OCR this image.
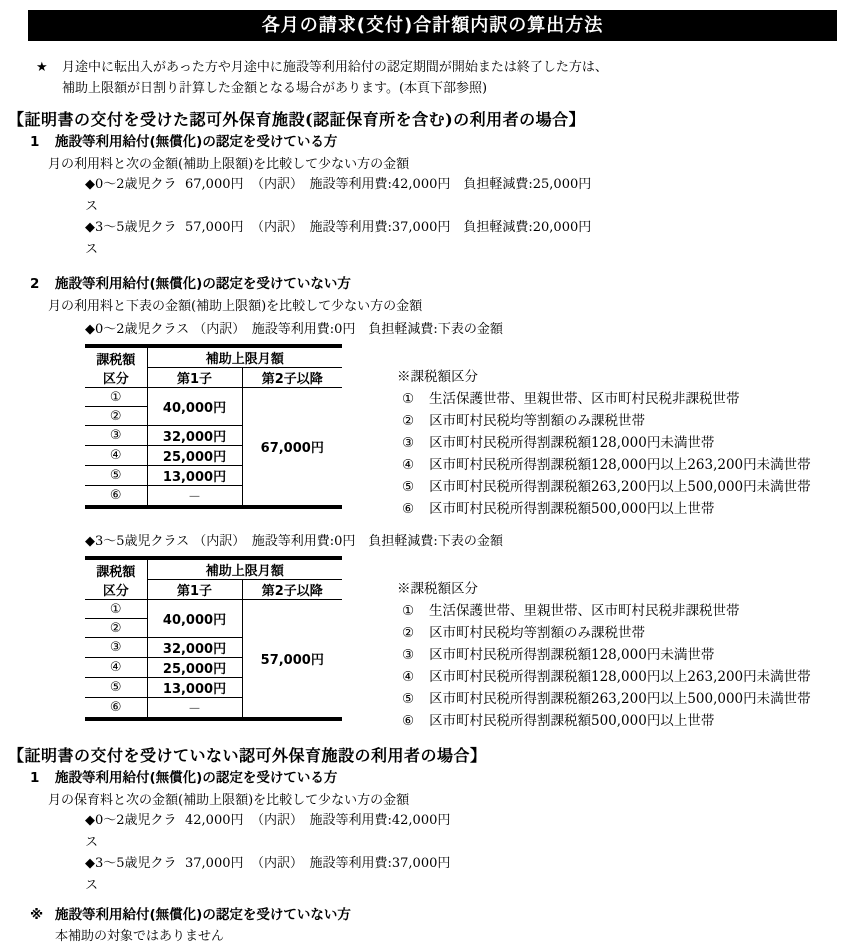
各月の請求(交付)合計額内訳の算出方法
★	月途中に転出入があった方や月途中に施設等利用給付の認定期間が開始または終了した方は、
補助上限額が日割り計算した金額となる場合があります。(本頁下部参照)
【証明書の交付を受けた認可外保育施設(認証保育所を含む)の利用者の場合】
1	施設等利用給付(無償化)の認定を受けている方
月の利用料と次の金額(補助上限額)を比較して少ない方の金額
◆0〜2歳児クラス
67,000円 （内訳）　施設等利用費:42,000円　負担軽減費:25,000円
◆3〜5歳児クラス
57,000円 （内訳）　施設等利用費:37,000円　負担軽減費:20,000円
2	施設等利用給付(無償化)の認定を受けていない方
月の利用料と下表の金額(補助上限額)を比較して少ない方の金額
◆0〜2歳児クラス （内訳）　施設等利用費:0円　負担軽減費:下表の金額
課税額
区分	補助上限月額	
	第1子	第2子以降
①	40,000円	67,000円
②		
③	32,000円	
④	25,000円	
⑤	13,000円	
⑥	－	
※課税額区分
①	生活保護世帯、里親世帯、区市町村民税非課税世帯
②	区市町村民税均等割額のみ課税世帯
③	区市町村民税所得割課税額128,000円未満世帯
④	区市町村民税所得割課税額128,000円以上263,200円未満世帯
⑤	区市町村民税所得割課税額263,200円以上500,000円未満世帯
⑥	区市町村民税所得割課税額500,000円以上世帯
◆3〜5歳児クラス （内訳）　施設等利用費:0円　負担軽減費:下表の金額
課税額
区分	補助上限月額	
	第1子	第2子以降
①	40,000円	57,000円
②		
③	32,000円	
④	25,000円	
⑤	13,000円	
⑥	－	
※課税額区分
①	生活保護世帯、里親世帯、区市町村民税非課税世帯
②	区市町村民税均等割額のみ課税世帯
③	区市町村民税所得割課税額128,000円未満世帯
④	区市町村民税所得割課税額128,000円以上263,200円未満世帯
⑤	区市町村民税所得割課税額263,200円以上500,000円未満世帯
⑥	区市町村民税所得割課税額500,000円以上世帯
【証明書の交付を受けていない認可外保育施設の利用者の場合】
1	施設等利用給付(無償化)の認定を受けている方
月の保育料と次の金額(補助上限額)を比較して少ない方の金額
◆0〜2歳児クラス
42,000円 （内訳）　施設等利用費:42,000円
◆3〜5歳児クラス
37,000円 （内訳）　施設等利用費:37,000円
※ 施設等利用給付(無償化)の認定を受けていない方
本補助の対象ではありません
